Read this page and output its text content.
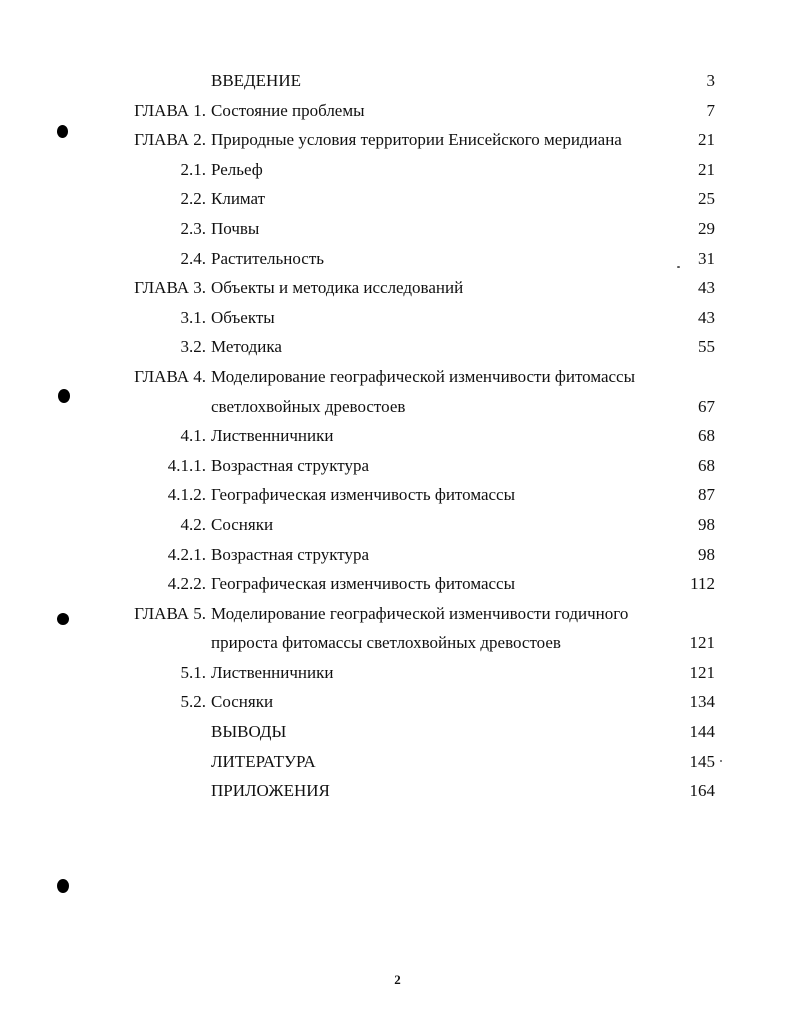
ВВЕДЕНИЕ	3
ГЛАВА 1. Состояние проблемы	7
ГЛАВА 2. Природные условия территории Енисейского меридиана	21
2.1. Рельеф	21
2.2. Климат	25
2.3. Почвы	29
2.4. Растительность	31
ГЛАВА 3. Объекты и методика исследований	43
3.1. Объекты	43
3.2. Методика	55
ГЛАВА 4. Моделирование географической изменчивости фитомассы
светлохвойных древостоев	67
4.1. Лиственничники	68
4.1.1. Возрастная структура	68
4.1.2. Географическая изменчивость фитомассы	87
4.2. Сосняки	98
4.2.1. Возрастная структура	98
4.2.2. Географическая изменчивость фитомассы	112
ГЛАВА 5. Моделирование географической изменчивости годичного
прироста фитомассы светлохвойных древостоев	121
5.1. Лиственничники	121
5.2. Сосняки	134
ВЫВОДЫ	144
ЛИТЕРАТУРА	145
ПРИЛОЖЕНИЯ	164
2
